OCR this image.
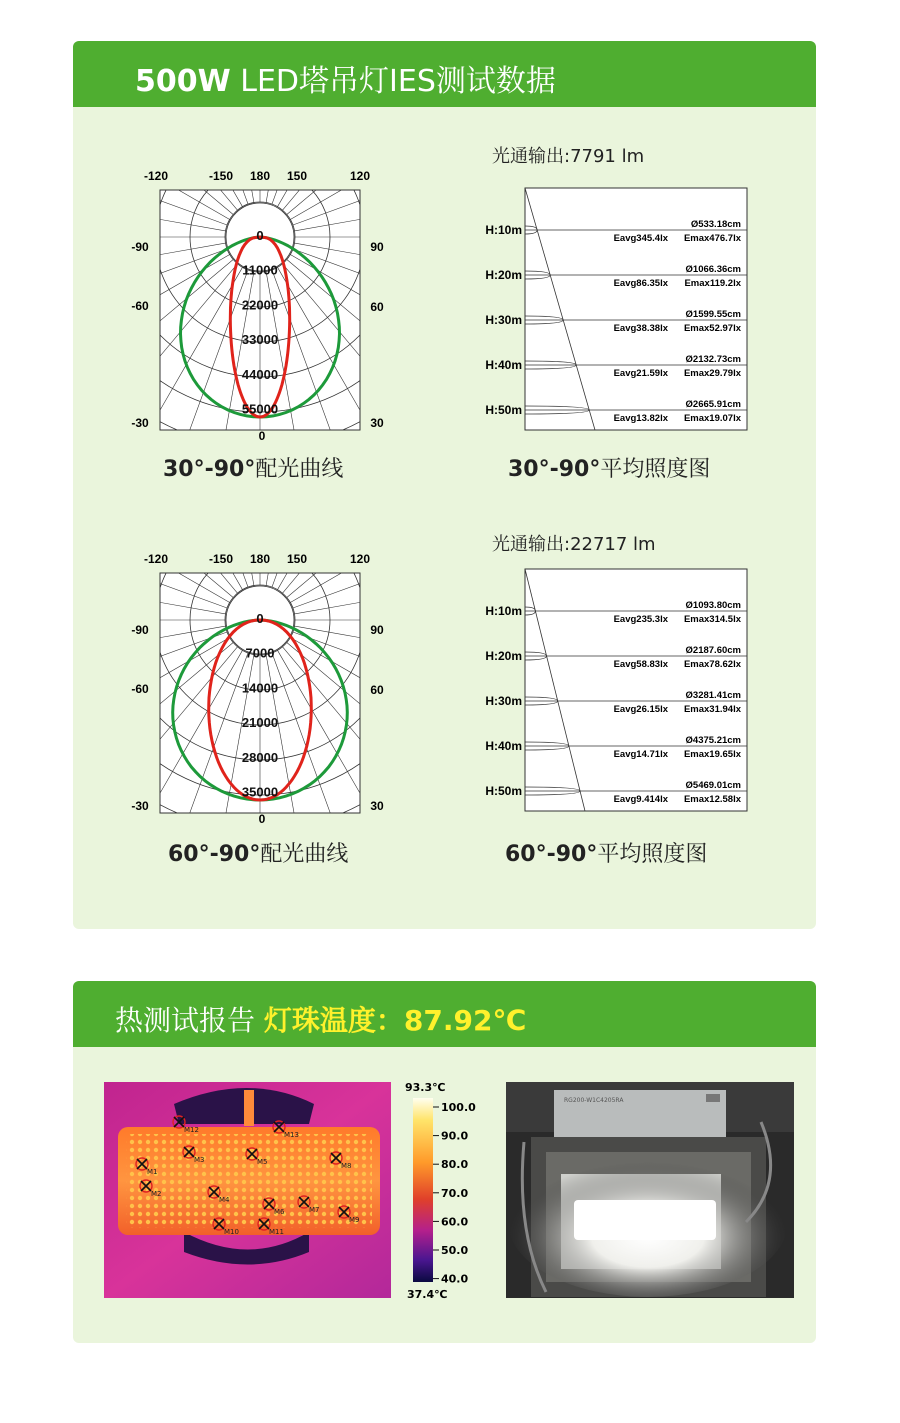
500W LED塔吊灯IES测试数据
0
11000
22000
33000
44000
55000
-120	-150 180 150	120
-90
-60
-30
90
60
30
0
30°-90°配光曲线
光通输出:7791 lm
H:10m	Ø533.18cm
Eavg345.4lx Emax476.7lx
H:20m	Ø1066.36cm
Eavg86.35lx Emax119.2lx
H:30m	Ø1599.55cm
Eavg38.38lx Emax52.97lx
H:40m	Ø2132.73cm
Eavg21.59lx Emax29.79lx
H:50m	Ø2665.91cm
Eavg13.82lx Emax19.07lx
30°-90°平均照度图
0
7000
14000
21000
28000
35000
-120	-150 180 150	120
-90
-60
-30
90
60
30
0
60°-90°配光曲线
光通输出:22717 lm
H:10m	Ø1093.80cm
Eavg235.3lx Emax314.5lx
H:20m	Ø2187.60cm
Eavg58.83lx Emax78.62lx
H:30m	Ø3281.41cm
Eavg26.15lx Emax31.94lx
H:40m	Ø4375.21cm
Eavg14.71lx Emax19.65lx
H:50m	Ø5469.01cm
Eavg9.414lx Emax12.58lx
60°-90°平均照度图
热测试报告 灯珠温度：87.92℃
M1
M2
M3
M4
M5
M6	M7
M8
M9
M10	M11
M12
M13
93.3℃
100.0
90.0
80.0
70.0
60.0
50.0
40.0
37.4℃
RG200-W1C4205RA
